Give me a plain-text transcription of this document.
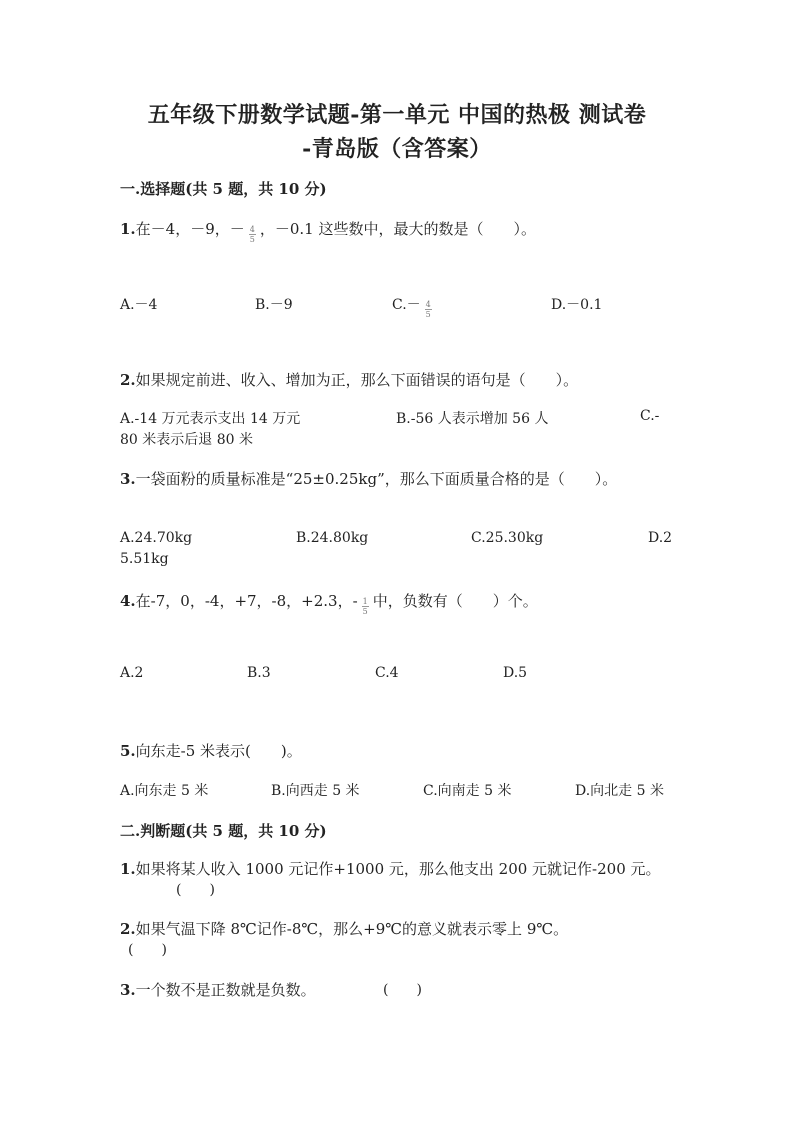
五年级下册数学试题-第一单元 中国的热极 测试卷
-青岛版（含答案）
一.选择题(共 5 题，共 10 分)
1.在－4，－9，－ $\frac{4}{5}$ ，－0.1 这些数中，最大的数是（　　）。
A.－4	B.－9	$C.- \frac{4}{5}$	D.－0.1
2.如果规定前进、收入、增加为正，那么下面错误的语句是（　　）。
A.-14 万元表示支出 14 万元	B.-56 人表示增加 56 人	C.-
80 米表示后退 80 米
3.一袋面粉的质量标准是“25±0.25kg”，那么下面质量合格的是（　　）。
A.24.70kg	B.24.80kg	C.25.30kg	D.2
5.51kg
4.在-7，0，-4，+7，-8，+2.3，- $\frac{1}{5}$ 中，负数有（　　）个。
A.2	B.3	C.4	D.5
5.向东走-5 米表示(　　)。
A.向东走 5 米	B.向西走 5 米	C.向南走 5 米	D.向北走 5 米
二.判断题(共 5 题，共 10 分)
1.如果将某人收入 1000 元记作+1000 元，那么他支出 200 元就记作-200 元。
(　　)
2.如果气温下降 8℃记作-8℃，那么+9℃的意义就表示零上 9℃。
(　　)
3.一个数不是正数就是负数。	(　　)
